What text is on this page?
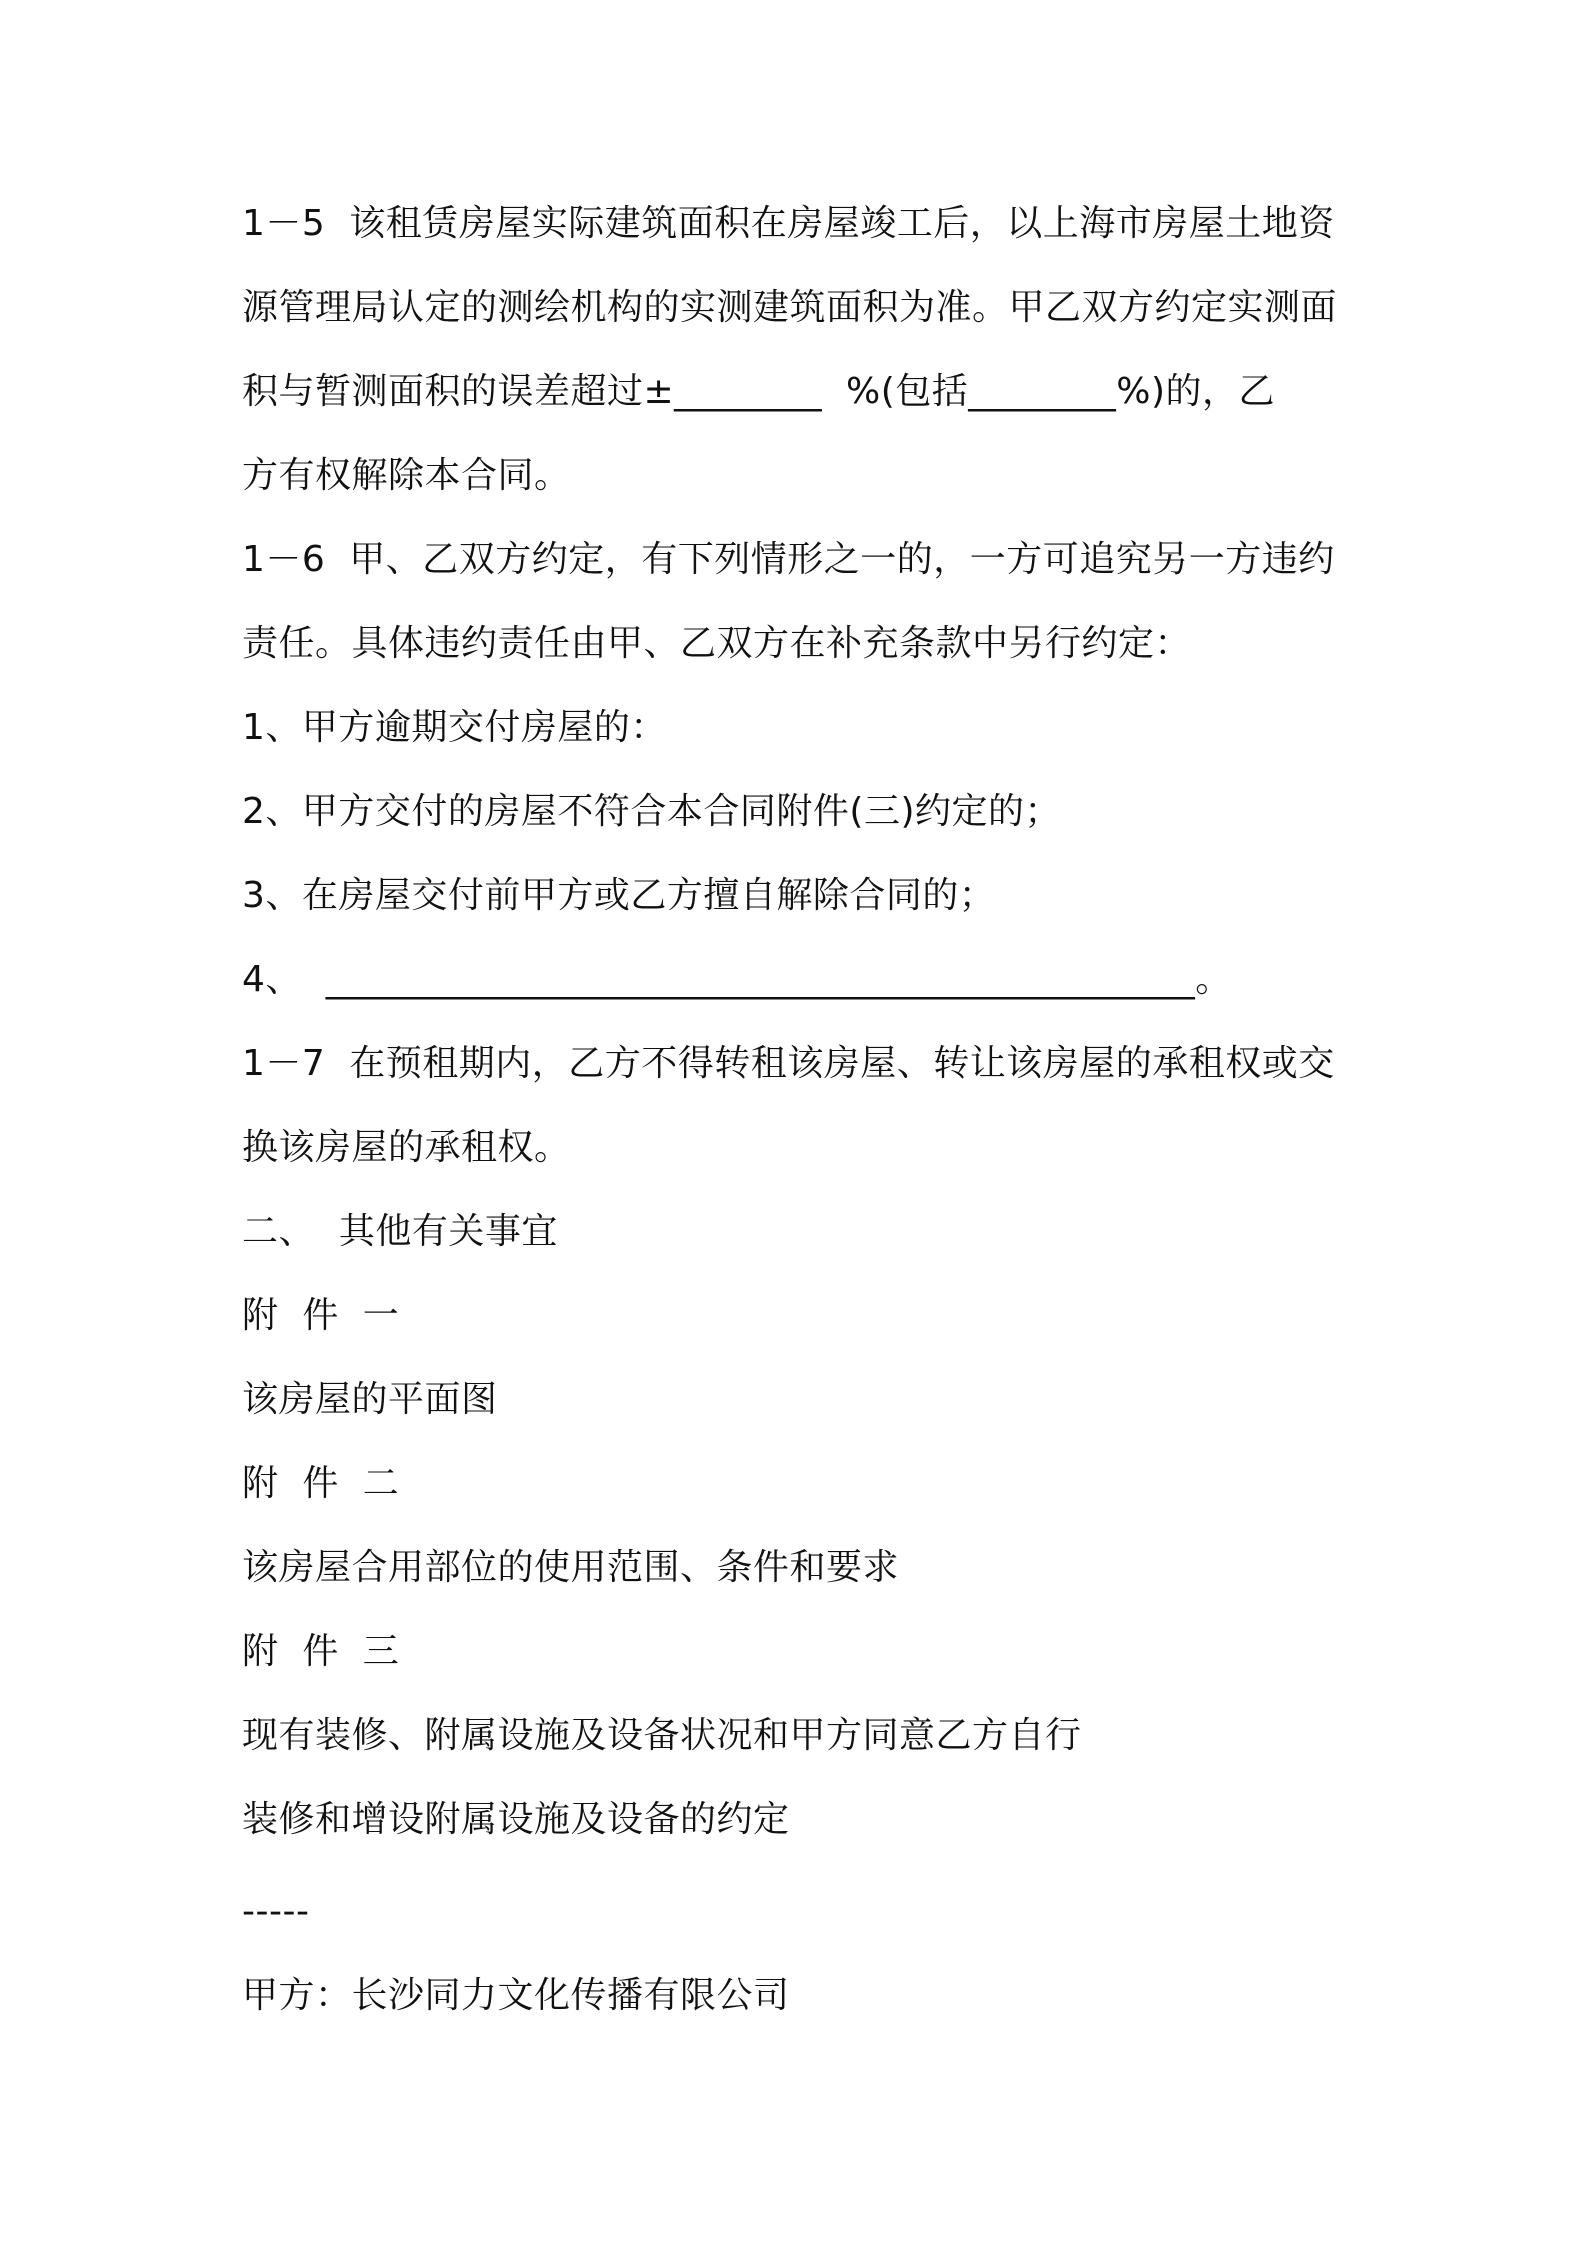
1－5  该租赁房屋实际建筑面积在房屋竣工后，以上海市房屋土地资
源管理局认定的测绘机构的实测建筑面积为准。甲乙双方约定实测面
积与暂测面积的误差超过±________  %(包括________%)的，乙
方有权解除本合同。
1－6  甲、乙双方约定，有下列情形之一的，一方可追究另一方违约
责任。具体违约责任由甲、乙双方在补充条款中另行约定：
1、甲方逾期交付房屋的：
2、甲方交付的房屋不符合本合同附件(三)约定的；
3、在房屋交付前甲方或乙方擅自解除合同的；
4、  _______________________________________________。
1－7  在预租期内，乙方不得转租该房屋、转让该房屋的承租权或交
换该房屋的承租权。
二、  其他有关事宜
附  件  一
该房屋的平面图
附  件  二
该房屋合用部位的使用范围、条件和要求
附  件  三
现有装修、附属设施及设备状况和甲方同意乙方自行
装修和增设附属设施及设备的约定
-----
甲方：长沙同力文化传播有限公司
